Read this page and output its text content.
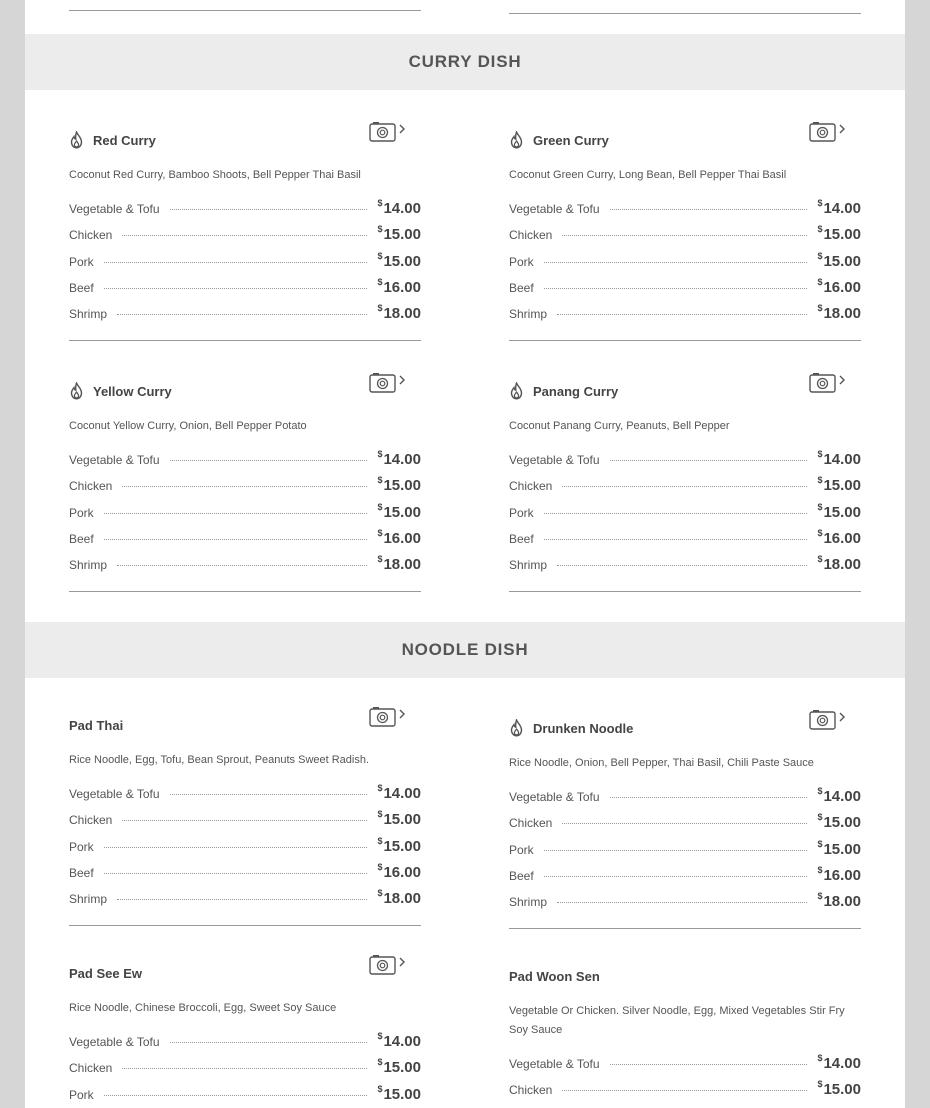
CURRY DISH
Red Curry
Coconut Red Curry, Bamboo Shoots, Bell Pepper Thai Basil
Vegetable & Tofu	$14.00
Chicken	$15.00
Pork	$15.00
Beef	$16.00
Shrimp	$18.00
Green Curry
Coconut Green Curry, Long Bean, Bell Pepper Thai Basil
Vegetable & Tofu	$14.00
Chicken	$15.00
Pork	$15.00
Beef	$16.00
Shrimp	$18.00
Yellow Curry
Coconut Yellow Curry, Onion, Bell Pepper Potato
Vegetable & Tofu	$14.00
Chicken	$15.00
Pork	$15.00
Beef	$16.00
Shrimp	$18.00
Panang Curry
Coconut Panang Curry, Peanuts, Bell Pepper
Vegetable & Tofu	$14.00
Chicken	$15.00
Pork	$15.00
Beef	$16.00
Shrimp	$18.00
NOODLE DISH
Pad Thai
Rice Noodle, Egg, Tofu, Bean Sprout, Peanuts Sweet Radish.
Vegetable & Tofu	$14.00
Chicken	$15.00
Pork	$15.00
Beef	$16.00
Shrimp	$18.00
Drunken Noodle
Rice Noodle, Onion, Bell Pepper, Thai Basil, Chili Paste Sauce
Vegetable & Tofu	$14.00
Chicken	$15.00
Pork	$15.00
Beef	$16.00
Shrimp	$18.00
Pad See Ew
Rice Noodle, Chinese Broccoli, Egg, Sweet Soy Sauce
Vegetable & Tofu	$14.00
Chicken	$15.00
Pork	$15.00
Pad Woon Sen
Vegetable Or Chicken. Silver Noodle, Egg, Mixed Vegetables Stir Fry Soy Sauce
Vegetable & Tofu	$14.00
Chicken	$15.00
